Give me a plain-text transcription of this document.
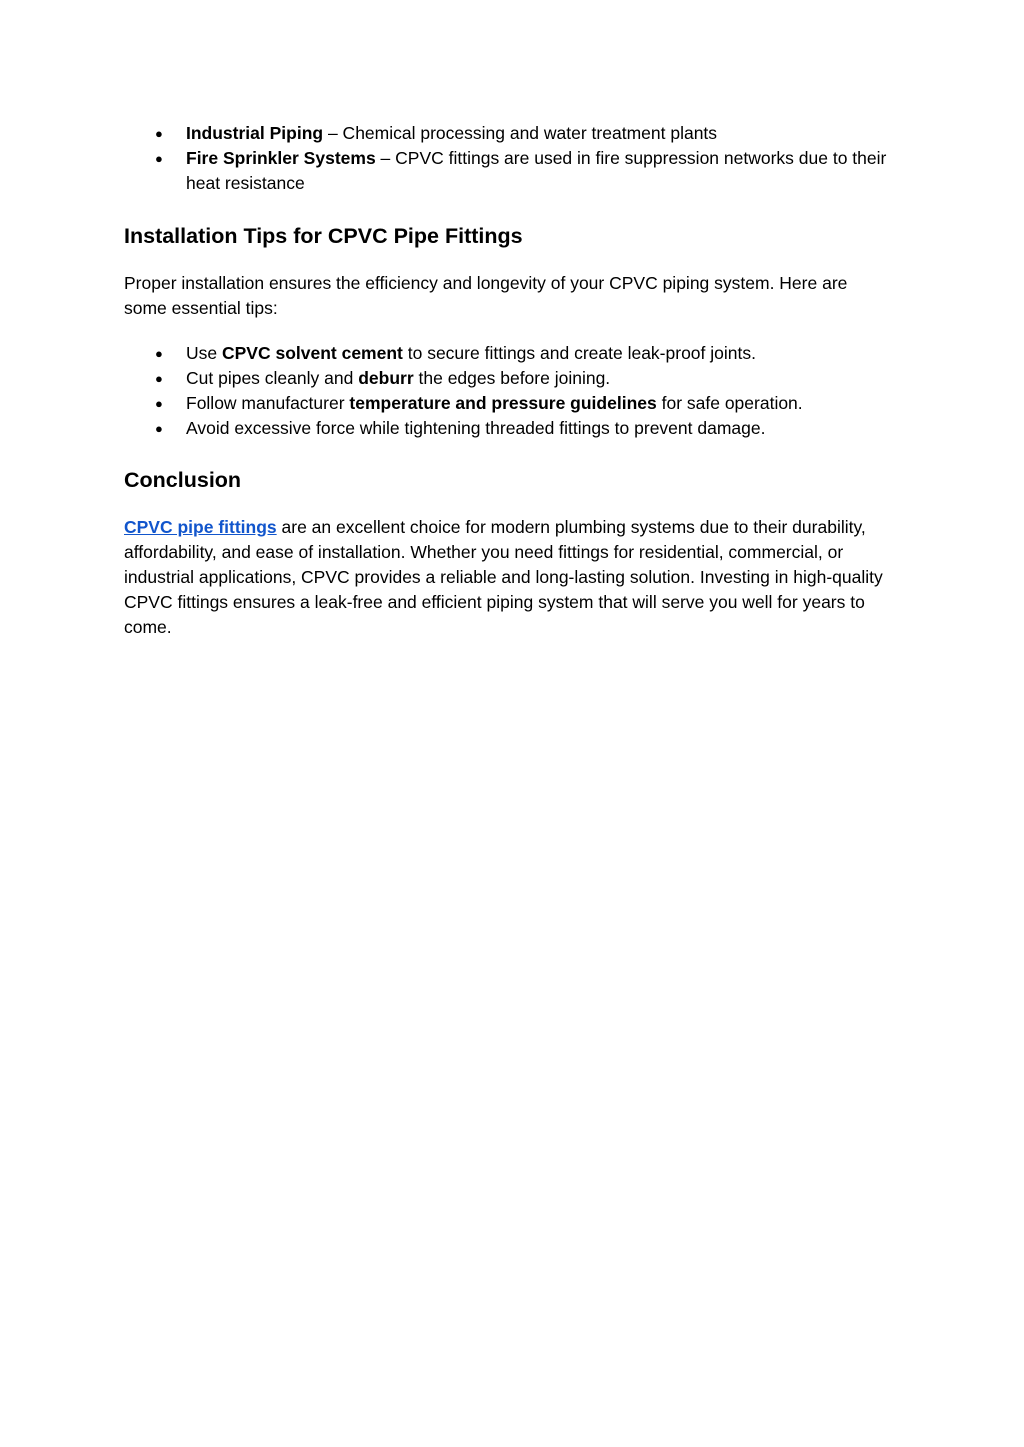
● Industrial Piping – Chemical processing and water treatment plants
● Fire Sprinkler Systems – CPVC fittings are used in fire suppression networks due to their heat resistance
Installation Tips for CPVC Pipe Fittings

Proper installation ensures the efficiency and longevity of your CPVC piping system. Here are some essential tips:

● Use CPVC solvent cement to secure fittings and create leak-proof joints.
● Cut pipes cleanly and deburr the edges before joining.
● Follow manufacturer temperature and pressure guidelines for safe operation.
● Avoid excessive force while tightening threaded fittings to prevent damage.
Conclusion

CPVC pipe fittings are an excellent choice for modern plumbing systems due to their durability, affordability, and ease of installation. Whether you need fittings for residential, commercial, or industrial applications, CPVC provides a reliable and long-lasting solution. Investing in high-quality CPVC fittings ensures a leak-free and efficient piping system that will serve you well for years to come.
